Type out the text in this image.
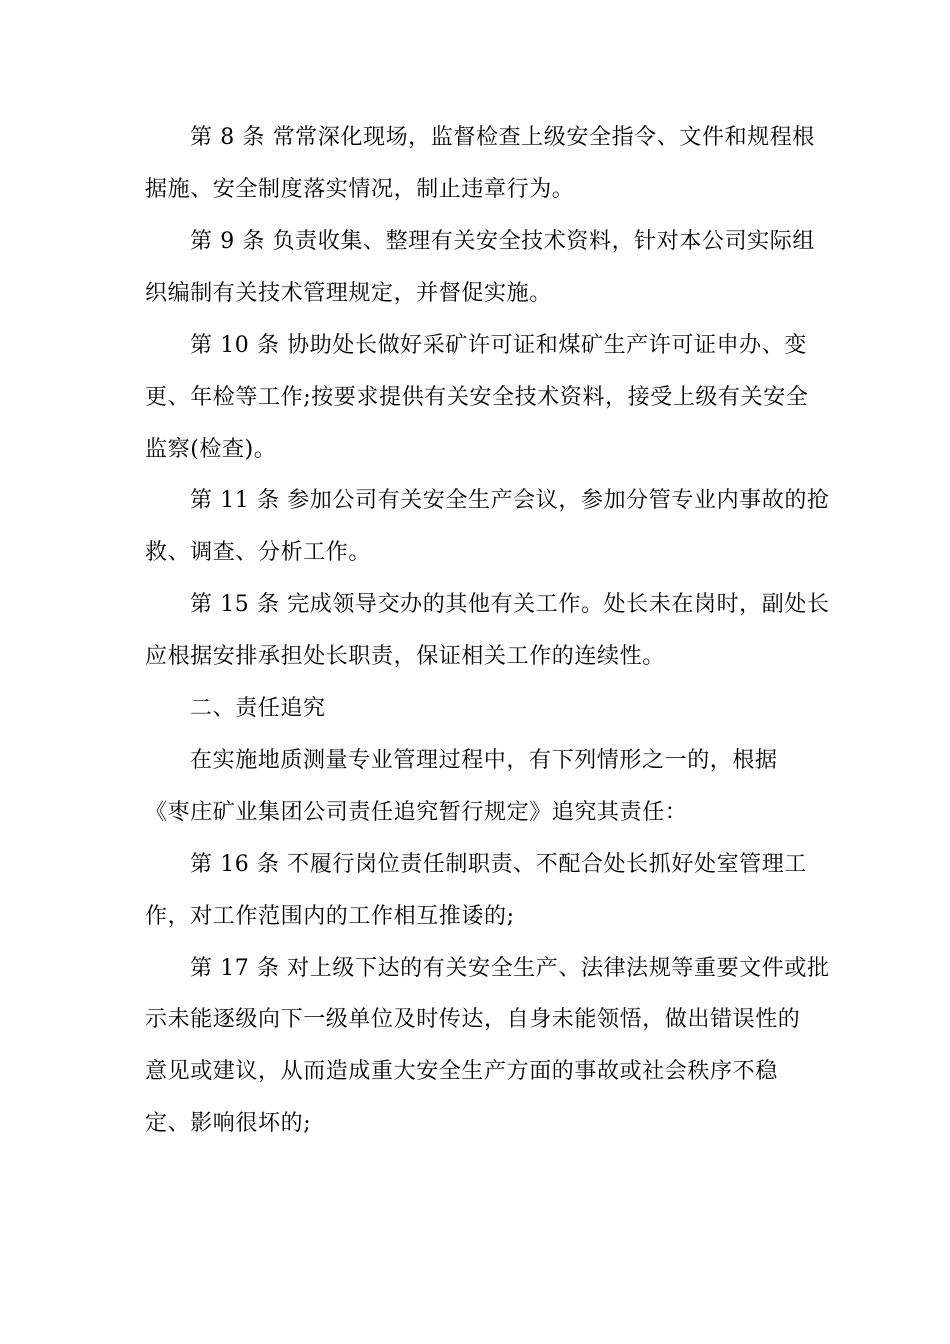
第 8 条 常常深化现场，监督检查上级安全指令、文件和规程根
据施、安全制度落实情况，制止违章行为。
第 9 条 负责收集、整理有关安全技术资料，针对本公司实际组
织编制有关技术管理规定，并督促实施。
第 10 条 协助处长做好采矿许可证和煤矿生产许可证申办、变
更、年检等工作;按要求提供有关安全技术资料，接受上级有关安全
监察(检查)。
第 11 条 参加公司有关安全生产会议，参加分管专业内事故的抢
救、调查、分析工作。
第 15 条 完成领导交办的其他有关工作。处长未在岗时，副处长
应根据安排承担处长职责，保证相关工作的连续性。
二、责任追究
在实施地质测量专业管理过程中，有下列情形之一的，根据
《枣庄矿业集团公司责任追究暂行规定》追究其责任：
第 16 条 不履行岗位责任制职责、不配合处长抓好处室管理工
作，对工作范围内的工作相互推诿的;
第 17 条 对上级下达的有关安全生产、法律法规等重要文件或批
示未能逐级向下一级单位及时传达，自身未能领悟，做出错误性的
意见或建议，从而造成重大安全生产方面的事故或社会秩序不稳
定、影响很坏的;
